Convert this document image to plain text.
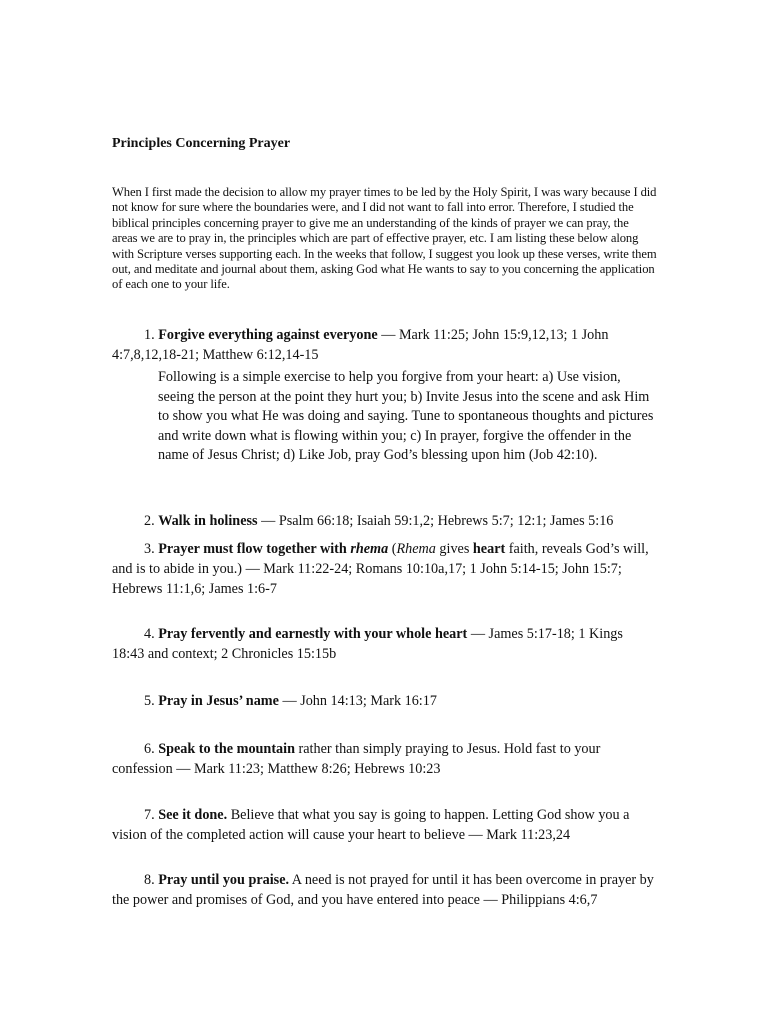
Principles Concerning Prayer

When I first made the decision to allow my prayer times to be led by the Holy Spirit, I was wary because I did not know for sure where the boundaries were, and I did not want to fall into error. Therefore, I studied the biblical principles concerning prayer to give me an understanding of the kinds of prayer we can pray, the areas we are to pray in, the principles which are part of effective prayer, etc. I am listing these below along with Scripture verses supporting each. In the weeks that follow, I suggest you look up these verses, write them out, and meditate and journal about them, asking God what He wants to say to you concerning the application of each one to your life.

1. Forgive everything against everyone — Mark 11:25; John 15:9,12,13; 1 John 4:7,8,12,18-21; Matthew 6:12,14-15

Following is a simple exercise to help you forgive from your heart: a) Use vision, seeing the person at the point they hurt you; b) Invite Jesus into the scene and ask Him to show you what He was doing and saying. Tune to spontaneous thoughts and pictures and write down what is flowing within you; c) In prayer, forgive the offender in the name of Jesus Christ; d) Like Job, pray God’s blessing upon him (Job 42:10).

2. Walk in holiness — Psalm 66:18; Isaiah 59:1,2; Hebrews 5:7; 12:1; James 5:16

3. Prayer must flow together with rhema (Rhema gives heart faith, reveals God’s will, and is to abide in you.) — Mark 11:22-24; Romans 10:10a,17; 1 John 5:14-15; John 15:7; Hebrews 11:1,6; James 1:6-7

4. Pray fervently and earnestly with your whole heart — James 5:17-18; 1 Kings 18:43 and context; 2 Chronicles 15:15b

5. Pray in Jesus’ name — John 14:13; Mark 16:17

6. Speak to the mountain rather than simply praying to Jesus. Hold fast to your confession — Mark 11:23; Matthew 8:26; Hebrews 10:23

7. See it done. Believe that what you say is going to happen. Letting God show you a vision of the completed action will cause your heart to believe — Mark 11:23,24

8. Pray until you praise. A need is not prayed for until it has been overcome in prayer by the power and promises of God, and you have entered into peace — Philippians 4:6,7
